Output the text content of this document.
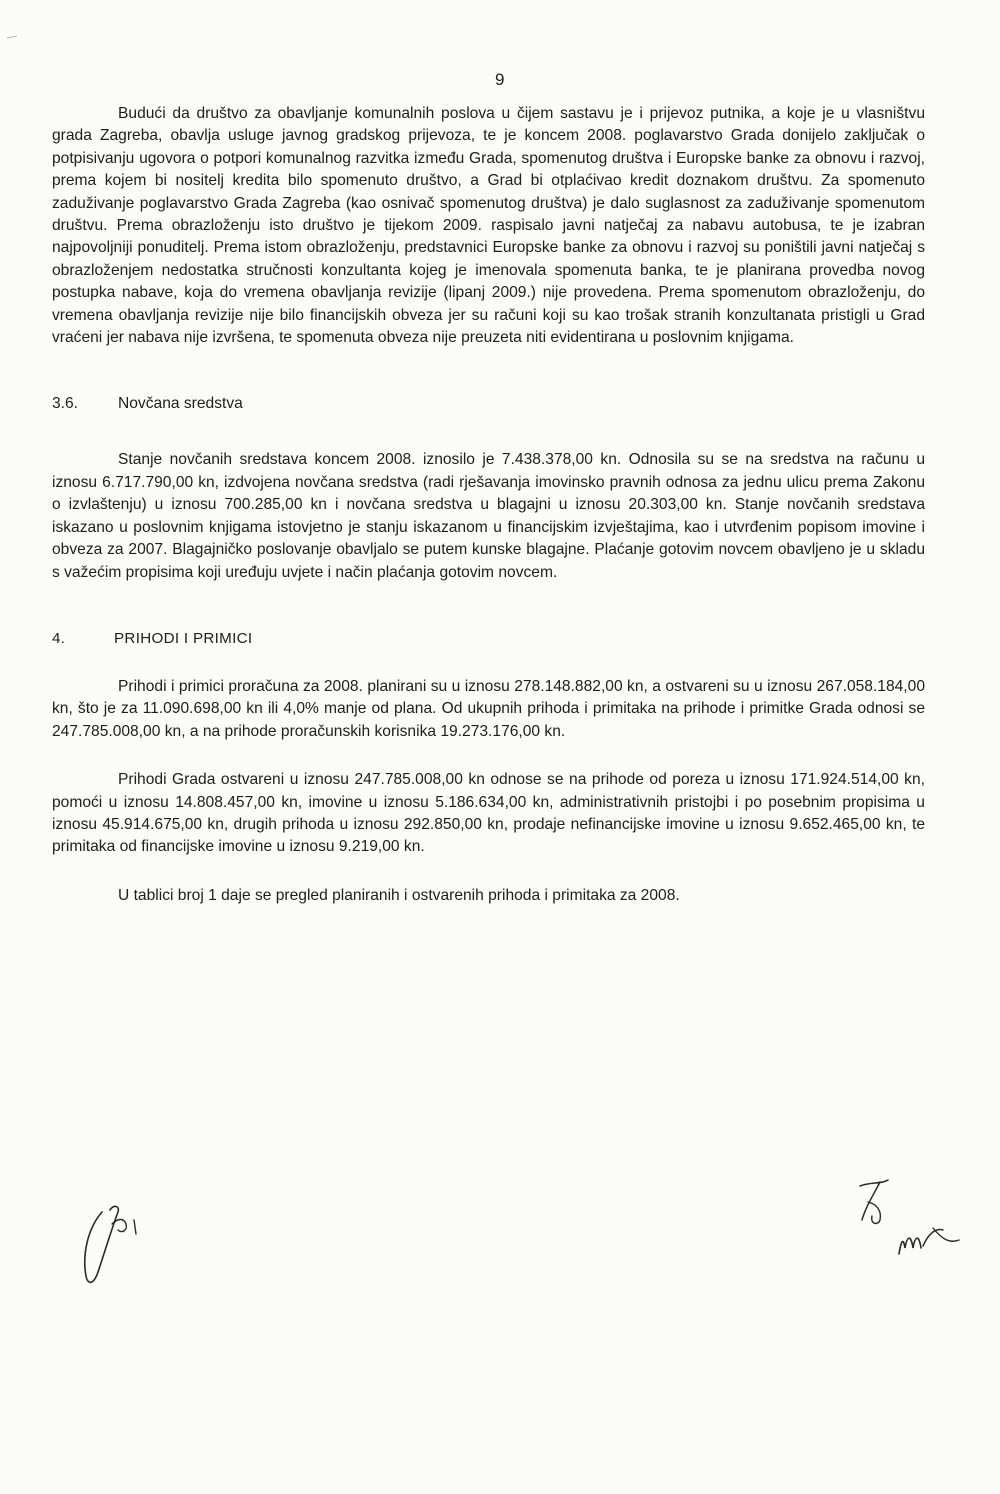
9

Budući da društvo za obavljanje komunalnih poslova u čijem sastavu je i prijevoz putnika, a koje je u vlasništvu grada Zagreba, obavlja usluge javnog gradskog prijevoza, te je koncem 2008. poglavarstvo Grada donijelo zaključak o potpisivanju ugovora o potpori komunalnog razvitka između Grada, spomenutog društva i Europske banke za obnovu i razvoj, prema kojem bi nositelj kredita bilo spomenuto društvo, a Grad bi otplaćivao kredit doznakom društvu. Za spomenuto zaduživanje poglavarstvo Grada Zagreba (kao osnivač spomenutog društva) je dalo suglasnost za zaduživanje spomenutom društvu. Prema obrazloženju isto društvo je tijekom 2009. raspisalo javni natječaj za nabavu autobusa, te je izabran najpovoljniji ponuditelj. Prema istom obrazloženju, predstavnici Europske banke za obnovu i razvoj su poništili javni natječaj s obrazloženjem nedostatka stručnosti konzultanta kojeg je imenovala spomenuta banka, te je planirana provedba novog postupka nabave, koja do vremena obavljanja revizije (lipanj 2009.) nije provedena. Prema spomenutom obrazloženju, do vremena obavljanja revizije nije bilo financijskih obveza jer su računi koji su kao trošak stranih konzultanata pristigli u Grad vraćeni jer nabava nije izvršena, te spomenuta obveza nije preuzeta niti evidentirana u poslovnim knjigama.

3.6.	Novčana sredstva

Stanje novčanih sredstava koncem 2008. iznosilo je 7.438.378,00 kn. Odnosila su se na sredstva na računu u iznosu 6.717.790,00 kn, izdvojena novčana sredstva (radi rješavanja imovinsko pravnih odnosa za jednu ulicu prema Zakonu o izvlaštenju) u iznosu 700.285,00 kn i novčana sredstva u blagajni u iznosu 20.303,00 kn. Stanje novčanih sredstava iskazano u poslovnim knjigama istovjetno je stanju iskazanom u financijskim izvještajima, kao i utvrđenim popisom imovine i obveza za 2007. Blagajničko poslovanje obavljalo se putem kunske blagajne. Plaćanje gotovim novcem obavljeno je u skladu s važećim propisima koji uređuju uvjete i način plaćanja gotovim novcem.

4.	PRIHODI I PRIMICI

Prihodi i primici proračuna za 2008. planirani su u iznosu 278.148.882,00 kn, a ostvareni su u iznosu 267.058.184,00 kn, što je za 11.090.698,00 kn ili 4,0% manje od plana. Od ukupnih prihoda i primitaka na prihode i primitke Grada odnosi se 247.785.008,00 kn, a na prihode proračunskih korisnika 19.273.176,00 kn.

Prihodi Grada ostvareni u iznosu 247.785.008,00 kn odnose se na prihode od poreza u iznosu 171.924.514,00 kn, pomoći u iznosu 14.808.457,00 kn, imovine u iznosu 5.186.634,00 kn, administrativnih pristojbi i po posebnim propisima u iznosu 45.914.675,00 kn, drugih prihoda u iznosu 292.850,00 kn, prodaje nefinancijske imovine u iznosu 9.652.465,00 kn, te primitaka od financijske imovine u iznosu 9.219,00 kn.

U tablici broj 1 daje se pregled planiranih i ostvarenih prihoda i primitaka za 2008.
